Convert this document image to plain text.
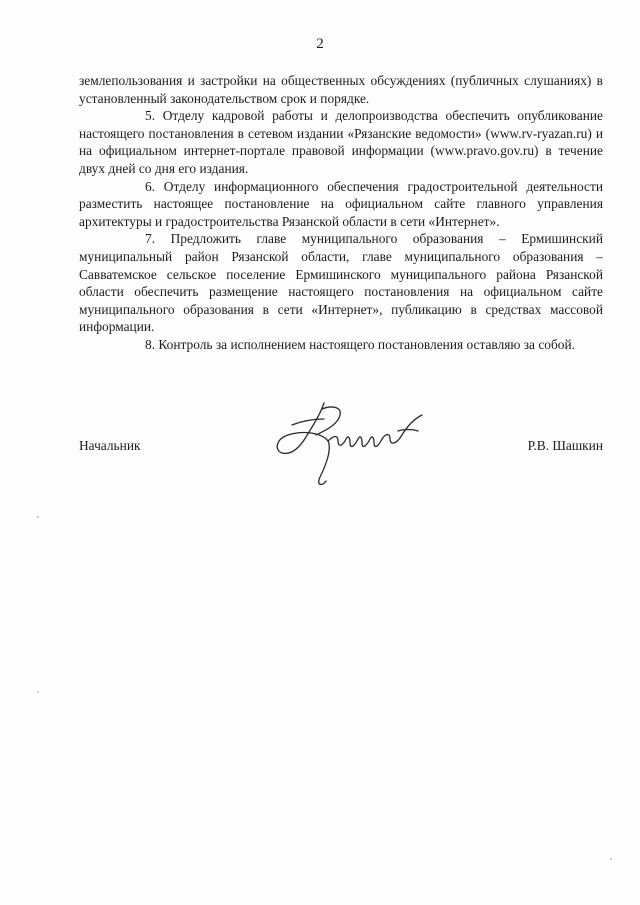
2

землепользования и застройки на общественных обсуждениях (публичных слушаниях) в установленный законодательством срок и порядке.

5. Отделу кадровой работы и делопроизводства обеспечить опубликование настоящего постановления в сетевом издании «Рязанские ведомости» (www.rv-ryazan.ru) и на официальном интернет-портале правовой информации (www.pravo.gov.ru) в течение двух дней со дня его издания.

6. Отделу информационного обеспечения градостроительной деятельности разместить настоящее постановление на официальном сайте главного управления архитектуры и градостроительства Рязанской области в сети «Интернет».

7. Предложить главе муниципального образования – Ермишинский муниципальный район Рязанской области, главе муниципального образования – Савватемское сельское поселение Ермишинского муниципального района Рязанской области обеспечить размещение настоящего постановления на официальном сайте муниципального образования в сети «Интернет», публикацию в средствах массовой информации.

8. Контроль за исполнением настоящего постановления оставляю за собой.

Начальник	Р.В. Шашкин
